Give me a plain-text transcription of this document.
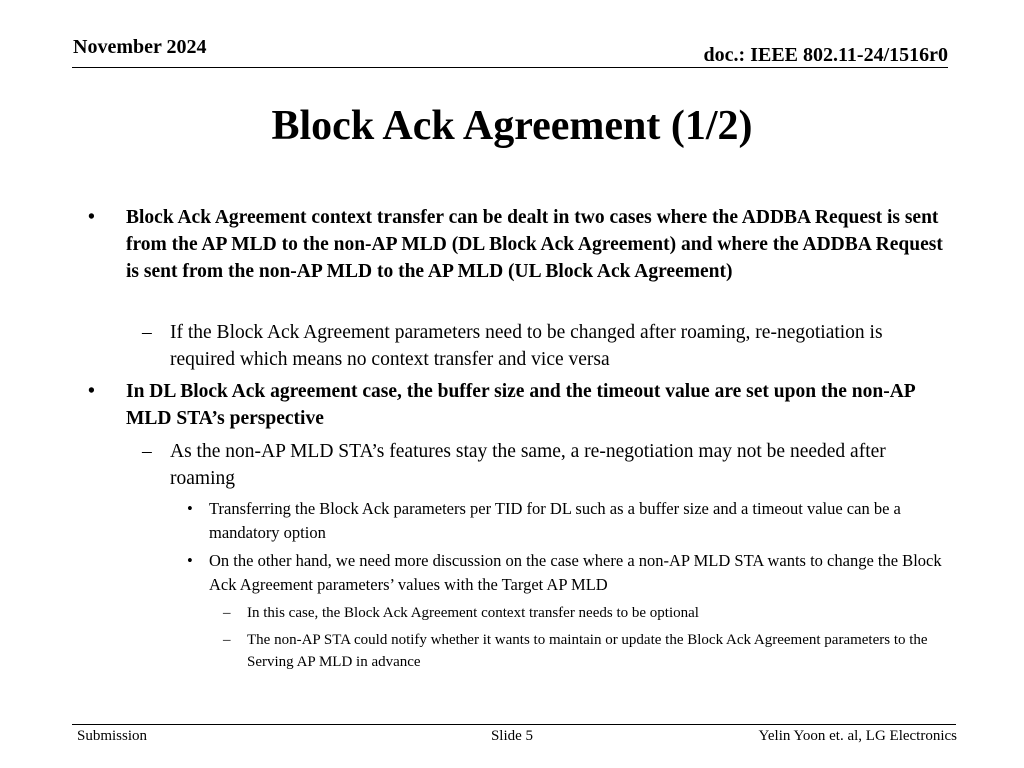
November 2024	doc.: IEEE 802.11-24/1516r0
Block Ack Agreement (1/2)
• Block Ack Agreement context transfer can be dealt in two cases where the ADDBA Request is sent from the AP MLD to the non-AP MLD (DL Block Ack Agreement) and where the ADDBA Request is sent from the non-AP MLD to the AP MLD (UL Block Ack Agreement)
– If the Block Ack Agreement parameters need to be changed after roaming, re-negotiation is required which means no context transfer and vice versa
• In DL Block Ack agreement case, the buffer size and the timeout value are set upon the non-AP MLD STA’s perspective
– As the non-AP MLD STA’s features stay the same, a re-negotiation may not be needed after roaming
• Transferring the Block Ack parameters per TID for DL such as a buffer size and a timeout value can be a mandatory option
• On the other hand, we need more discussion on the case where a non-AP MLD STA wants to change the Block Ack Agreement parameters’ values with the Target AP MLD
– In this case, the Block Ack Agreement context transfer needs to be optional
– The non-AP STA could notify whether it wants to maintain or update the Block Ack Agreement parameters to the Serving AP MLD in advance
Submission	Slide 5	Yelin Yoon et. al, LG Electronics
